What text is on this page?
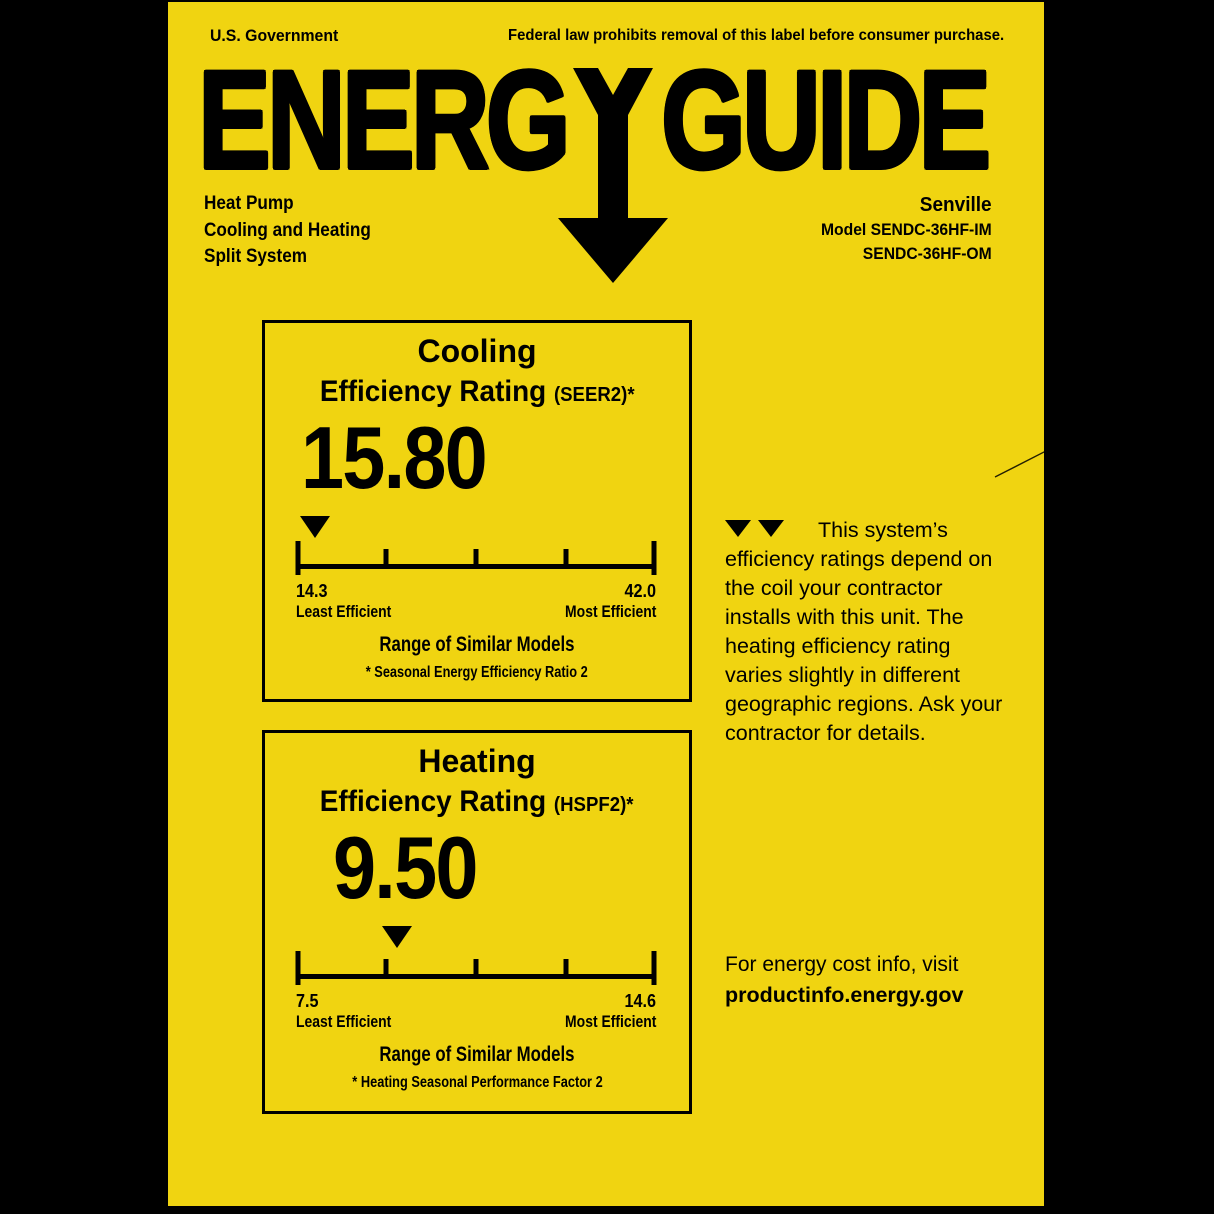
U.S. Government	Federal law prohibits removal of this label before consumer purchase.
ENERG GUIDE
Heat Pump
Cooling and Heating
Split System
Senville
Model SENDC-36HF-IM
SENDC-36HF-OM
Cooling
Efficiency Rating (SEER2)*
15.80
14.3	42.0
Least Efficient	Most Efficient
Range of Similar Models
* Seasonal Energy Efficiency Ratio 2
Heating
Efficiency Rating (HSPF2)*
9.50
7.5	14.6
Least Efficient	Most Efficient
Range of Similar Models
* Heating Seasonal Performance Factor 2
This system’s efficiency ratings depend on the coil your contractor installs with this unit. The heating efficiency rating varies slightly in different geographic regions. Ask your contractor for details.
For energy cost info, visit
productinfo.energy.gov
